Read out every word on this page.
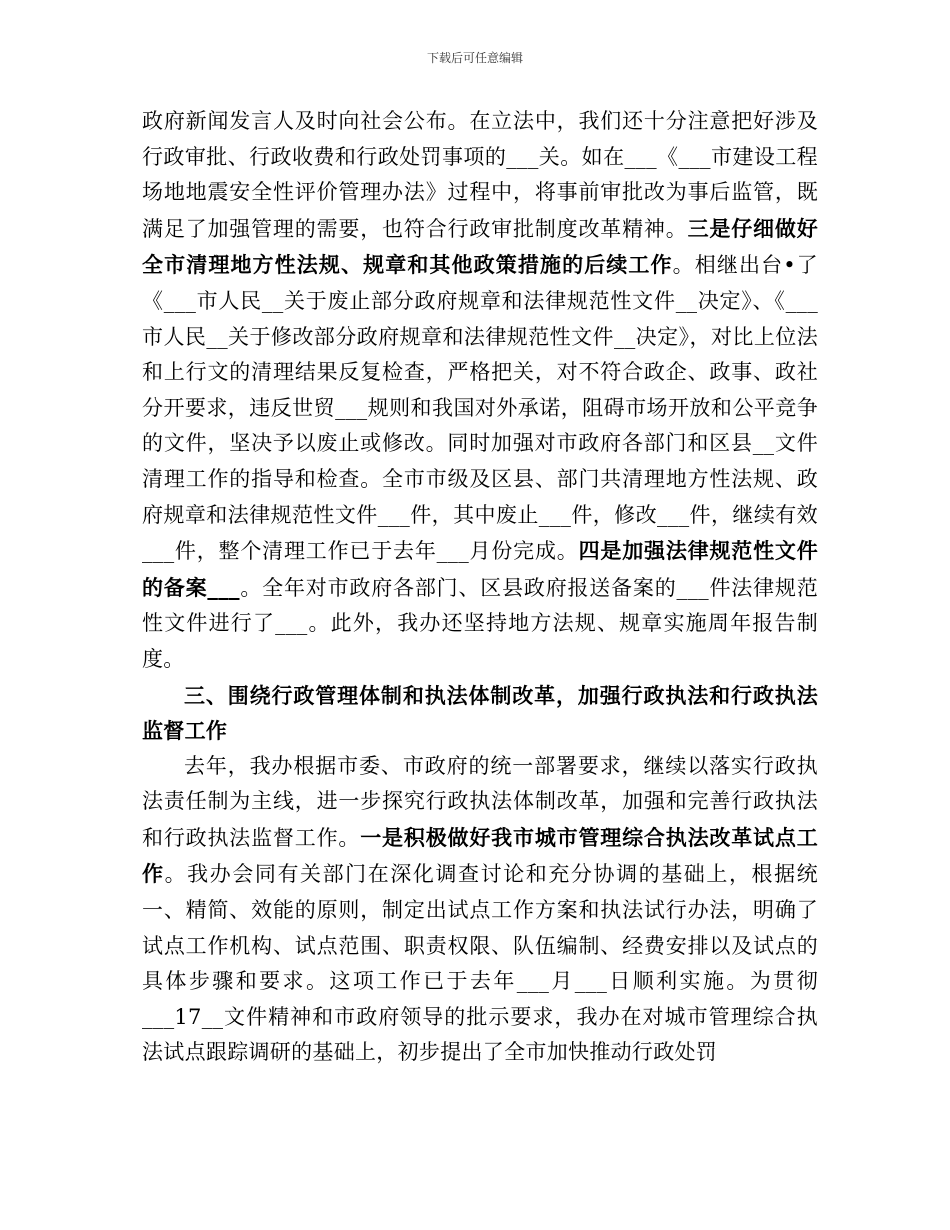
下载后可任意编辑

政府新闻发言人及时向社会公布。在立法中，我们还十分注意把好涉及行政审批、行政收费和行政处罚事项的___关。如在___《___市建设工程场地地震安全性评价管理办法》过程中，将事前审批改为事后监管，既满足了加强管理的需要，也符合行政审批制度改革精神。三是仔细做好全市清理地方性法规、规章和其他政策措施的后续工作。相继出台•了《___市人民__关于废止部分政府规章和法律规范性文件__决定》、《___市人民__关于修改部分政府规章和法律规范性文件__决定》，对比上位法和上行文的清理结果反复检查，严格把关，对不符合政企、政事、政社分开要求，违反世贸___规则和我国对外承诺，阻碍市场开放和公平竞争的文件，坚决予以废止或修改。同时加强对市政府各部门和区县__文件清理工作的指导和检查。全市市级及区县、部门共清理地方性法规、政府规章和法律规范性文件___件，其中废止___件，修改___件，继续有效___件，整个清理工作已于去年___月份完成。四是加强法律规范性文件的备案___。全年对市政府各部门、区县政府报送备案的___件法律规范性文件进行了___。此外，我办还坚持地方法规、规章实施周年报告制度。

三、围绕行政管理体制和执法体制改革，加强行政执法和行政执法监督工作

去年，我办根据市委、市政府的统一部署要求，继续以落实行政执法责任制为主线，进一步探究行政执法体制改革，加强和完善行政执法和行政执法监督工作。一是积极做好我市城市管理综合执法改革试点工作。我办会同有关部门在深化调查讨论和充分协调的基础上，根据统一、精简、效能的原则，制定出试点工作方案和执法试行办法，明确了试点工作机构、试点范围、职责权限、队伍编制、经费安排以及试点的具体步骤和要求。这项工作已于去年___月___日顺利实施。为贯彻___17__文件精神和市政府领导的批示要求，我办在对城市管理综合执法试点跟踪调研的基础上，初步提出了全市加快推动行政处罚
